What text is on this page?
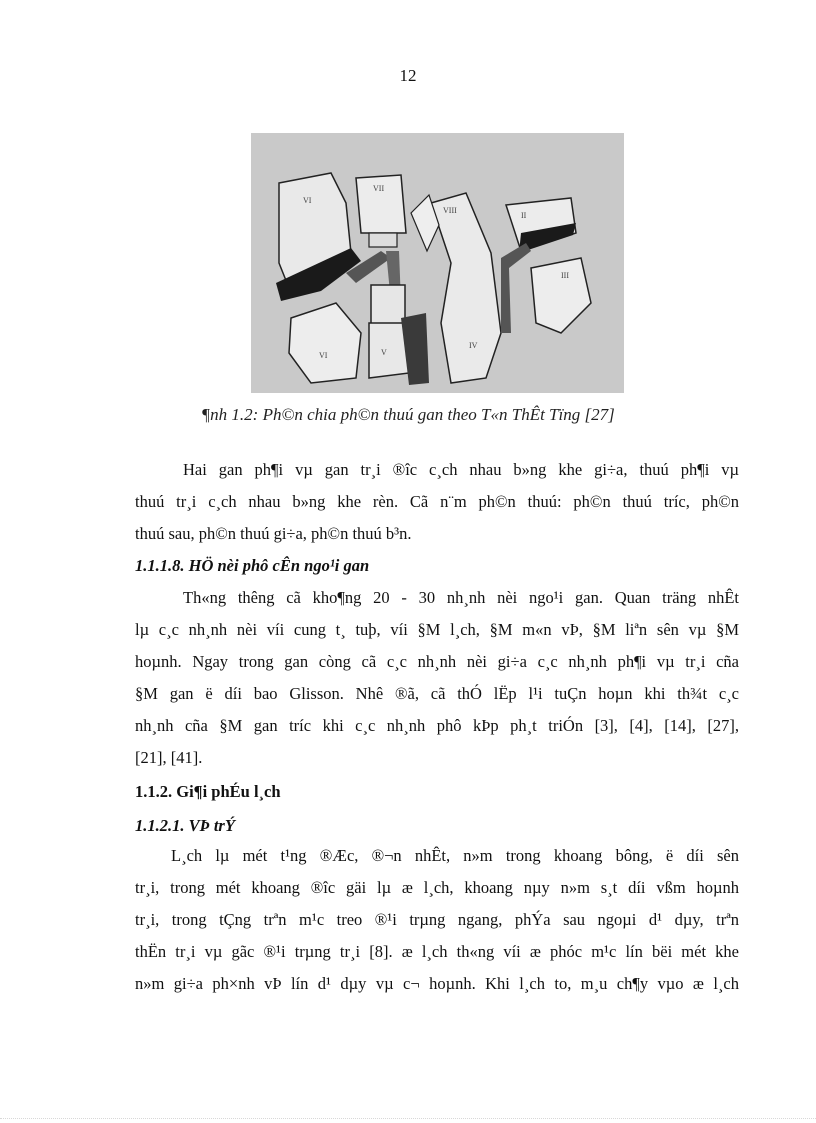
12
VI
VII
VIII
II
III
V
VI
IV
¶nh 1.2: Ph©n chia ph©n thuú gan theo T«n ThÊt Tïng [27]
Hai gan ph¶i vµ gan tr¸i ®îc c¸ch nhau b»ng khe gi÷a, thuú ph¶i vµ
thuú tr¸i c¸ch nhau b»ng khe rèn. Cã n¨m ph©n thuú: ph©n thuú tríc, ph©n
thuú sau, ph©n thuú gi÷a, ph©n thuú b³n.
1.1.1.8. HÖ nèi phô cÊn ngo¹i gan
Th«ng thêng cã kho¶ng 20 - 30 nh¸nh nèi ngo¹i gan. Quan träng nhÊt
lµ c¸c nh¸nh nèi víi cung t¸ tuþ, víi §M l¸ch, §M m«n vÞ, §M liªn sên vµ §M
hoµnh. Ngay trong gan còng cã c¸c nh¸nh nèi gi÷a c¸c nh¸nh ph¶i vµ tr¸i cña
§M gan ë díi bao Glisson. Nhê ®ã, cã thÓ lËp l¹i tuÇn hoµn khi th¾t c¸c
nh¸nh cña §M gan tríc khi c¸c nh¸nh phô kÞp ph¸t triÓn [3], [4], [14], [27],
[21], [41].
1.1.2. Gi¶i phÉu l¸ch
1.1.2.1. VÞ trÝ
L¸ch lµ mét t¹ng ®Æc, ®¬n nhÊt, n»m trong khoang bông, ë díi sên
tr¸i, trong mét khoang ®îc gäi lµ æ l¸ch, khoang nµy n»m s¸t díi vßm hoµnh
tr¸i, trong tÇng trªn m¹c treo ®¹i trµng ngang, phÝa sau ngoµi d¹ dµy, trªn
thËn tr¸i vµ gãc ®¹i trµng tr¸i [8]. æ l¸ch th«ng víi æ phóc m¹c lín bëi mét khe
n»m gi÷a ph×nh vÞ lín d¹ dµy vµ c¬ hoµnh. Khi l¸ch to, m¸u ch¶y vµo æ l¸ch
